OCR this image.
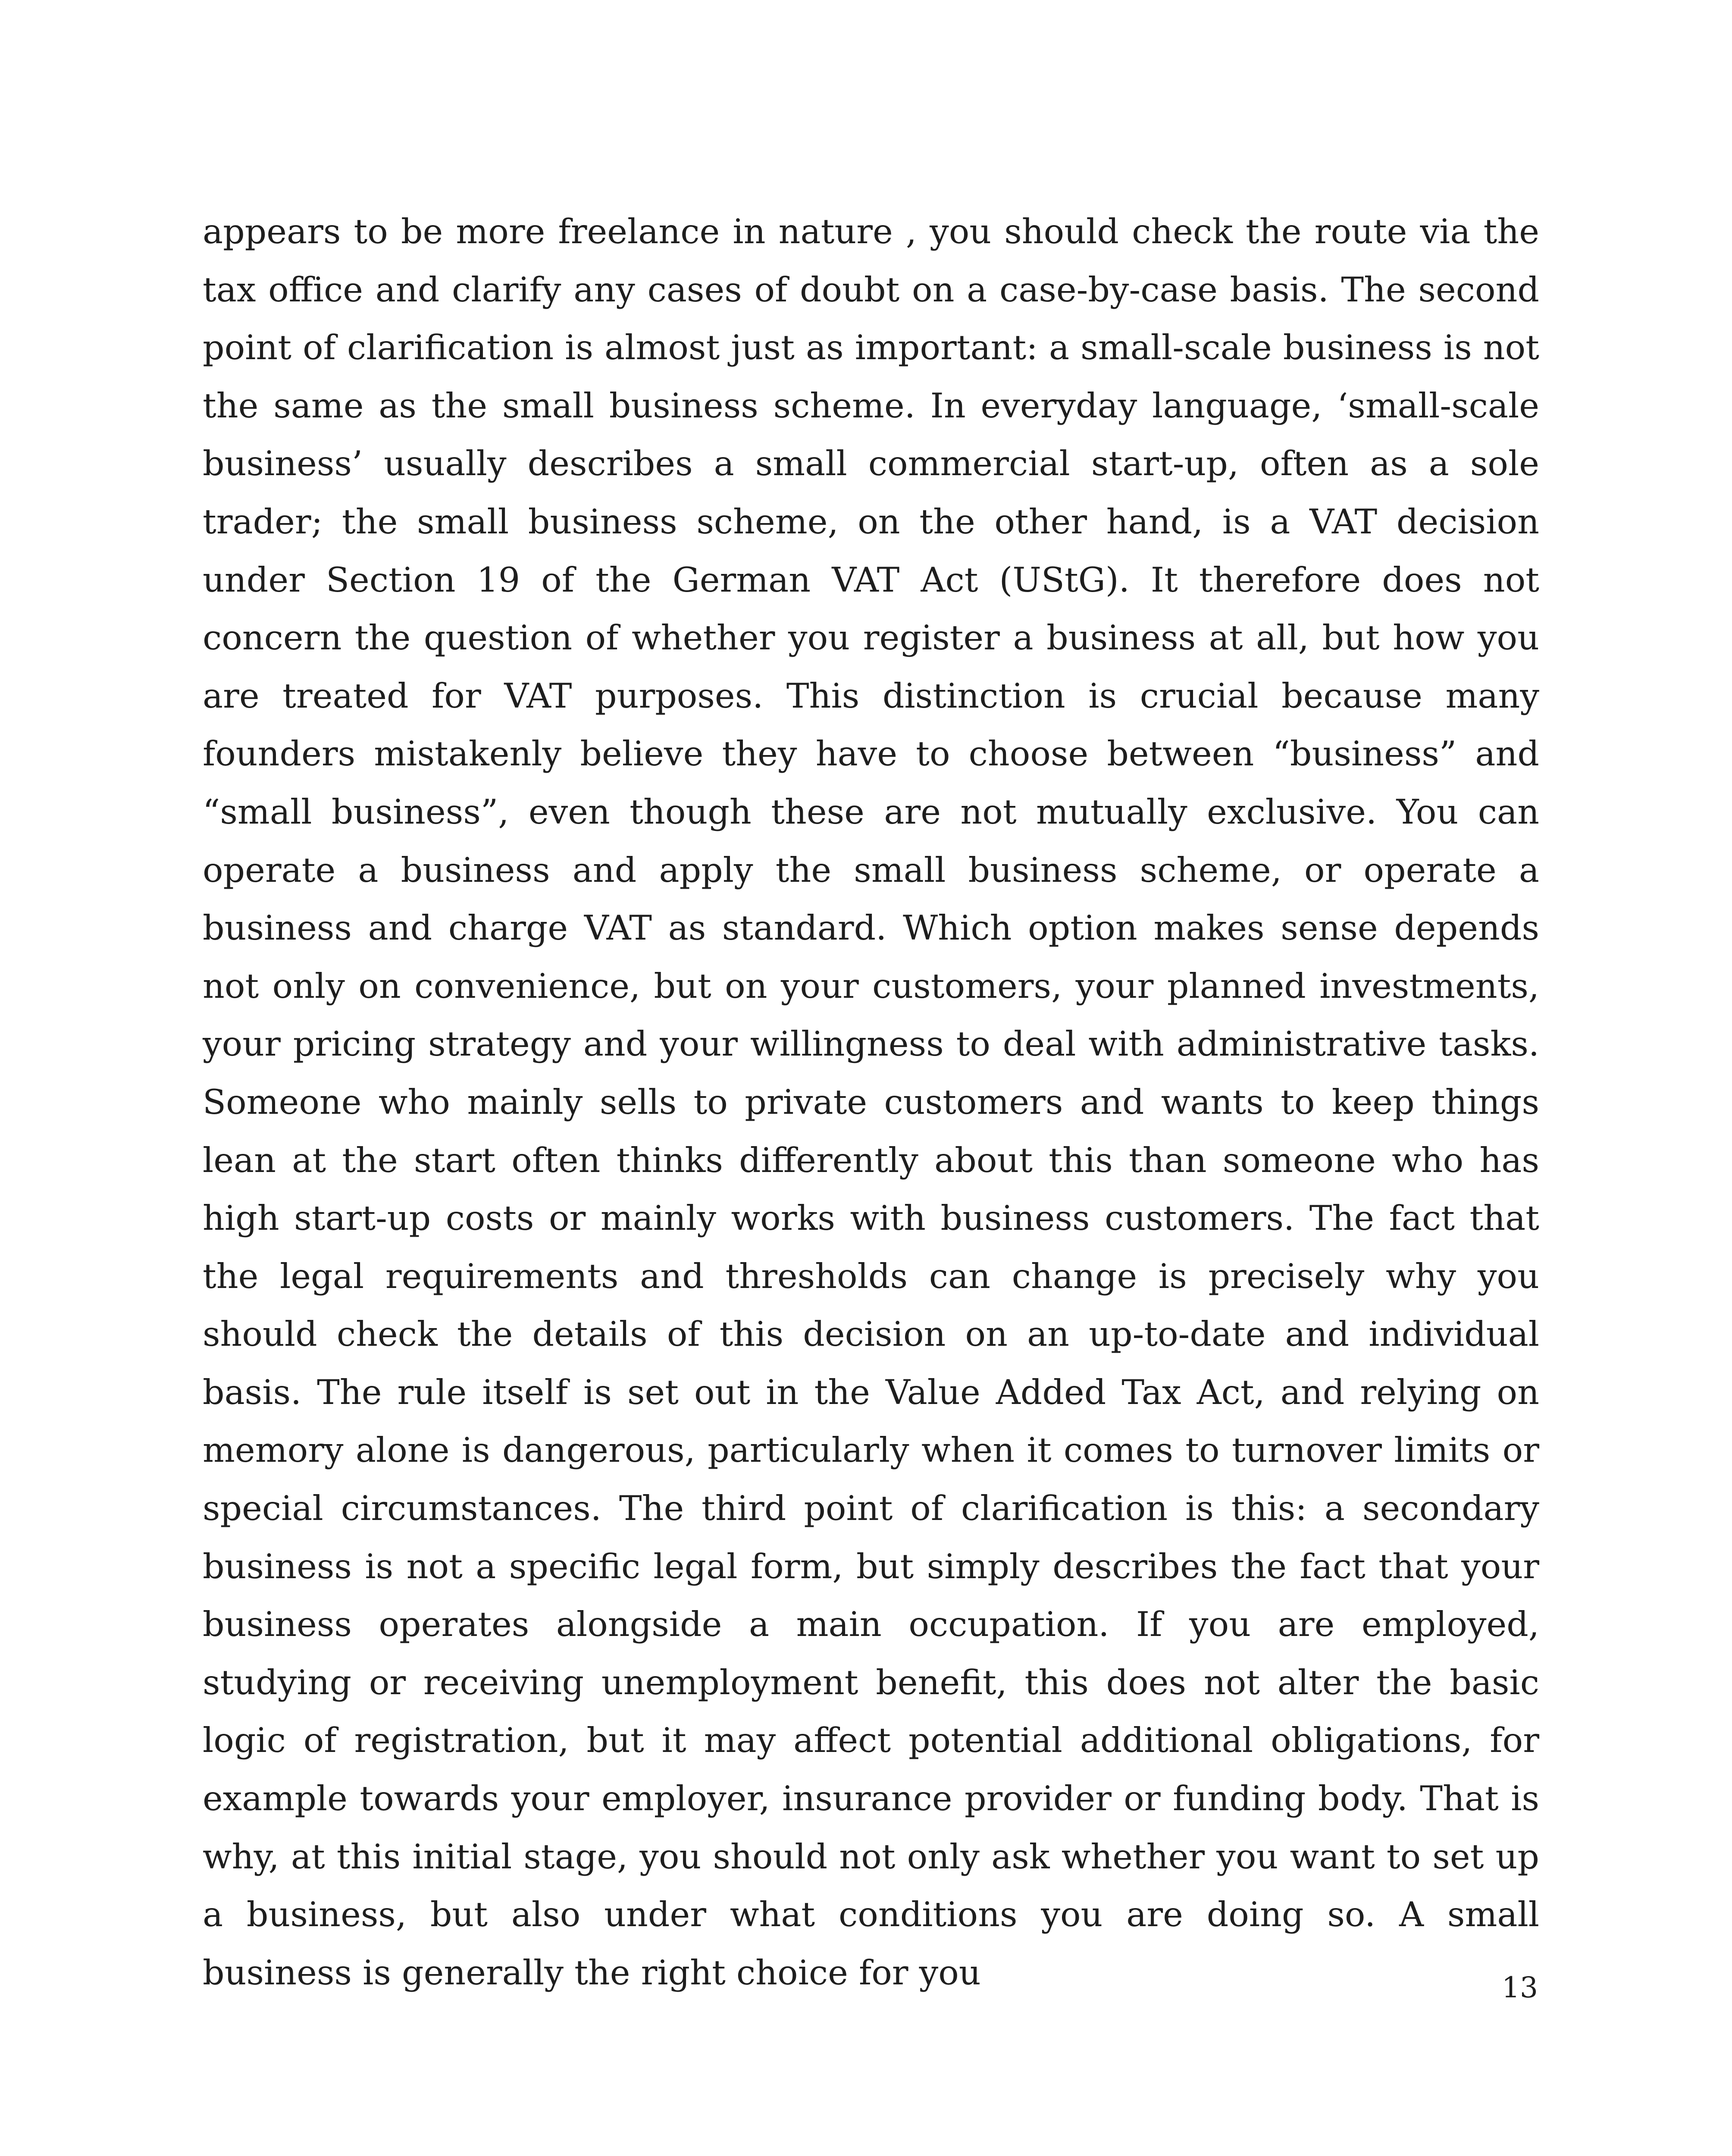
appears to be more freelance in nature , you should check the route via the tax office and clarify any cases of doubt on a case-by-case basis. The second point of clarification is almost just as important: a small-scale business is not the same as the small business scheme. In everyday language, ‘small-scale business’ usually describes a small commercial start-up, often as a sole trader; the small business scheme, on the other hand, is a VAT decision under Section 19 of the German VAT Act (UStG). It therefore does not concern the question of whether you register a business at all, but how you are treated for VAT purposes. This distinction is crucial because many founders mistakenly believe they have to choose between “business” and “small business”, even though these are not mutually exclusive. You can operate a business and apply the small business scheme, or operate a business and charge VAT as standard. Which option makes sense depends not only on convenience, but on your customers, your planned investments, your pricing strategy and your willingness to deal with administrative tasks. Someone who mainly sells to private customers and wants to keep things lean at the start often thinks differently about this than someone who has high start-up costs or mainly works with business customers. The fact that the legal requirements and thresholds can change is precisely why you should check the details of this decision on an up-to-date and individual basis. The rule itself is set out in the Value Added Tax Act, and relying on memory alone is dangerous, particularly when it comes to turnover limits or special circumstances. The third point of clarification is this: a secondary business is not a specific legal form, but simply describes the fact that your business operates alongside a main occupation. If you are employed, studying or receiving unemployment benefit, this does not alter the basic logic of registration, but it may affect potential additional obligations, for example towards your employer, insurance provider or funding body. That is why, at this initial stage, you should not only ask whether you want to set up a business, but also under what conditions you are doing so. A small business is generally the right choice for you	13
